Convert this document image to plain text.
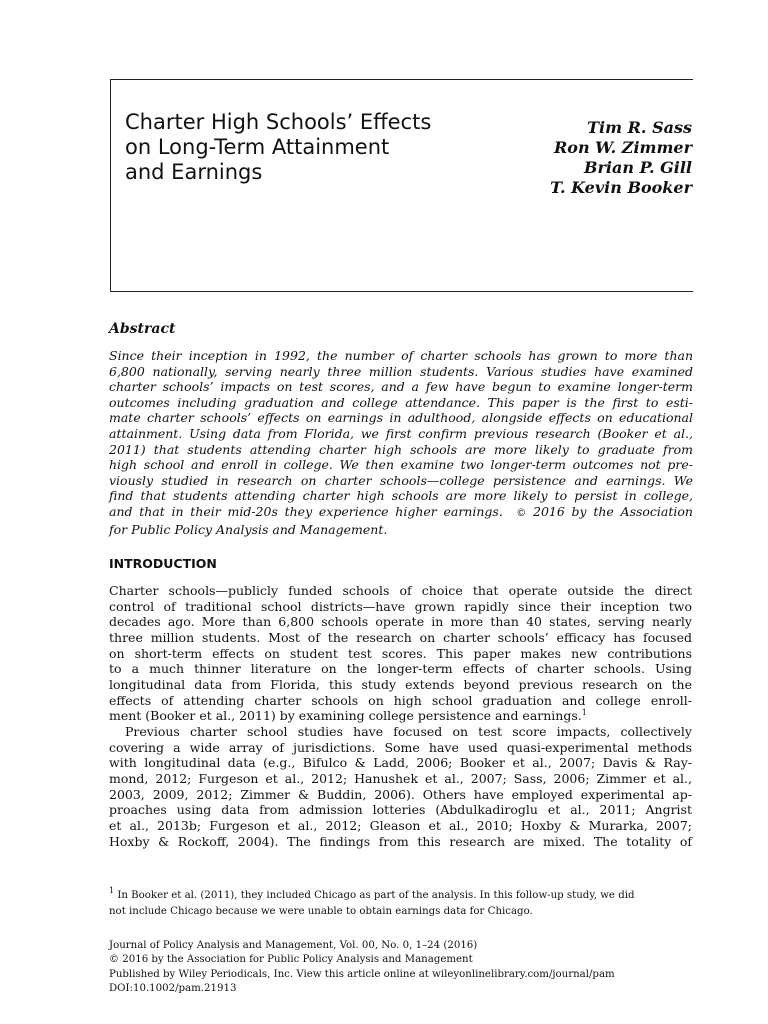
Charter High Schools’ Effects
on Long-Term Attainment
and Earnings
Tim R. Sass
Ron W. Zimmer
Brian P. Gill
T. Kevin Booker
Abstract
Since their inception in 1992, the number of charter schools has grown to more than
6,800 nationally, serving nearly three million students. Various studies have examined
charter schools’ impacts on test scores, and a few have begun to examine longer-term
outcomes including graduation and college attendance. This paper is the first to esti-
mate charter schools’ effects on earnings in adulthood, alongside effects on educational
attainment. Using data from Florida, we first confirm previous research (Booker et al.,
2011) that students attending charter high schools are more likely to graduate from
high school and enroll in college. We then examine two longer-term outcomes not pre-
viously studied in research on charter schools—college persistence and earnings. We
find that students attending charter high schools are more likely to persist in college,
and that in their mid-20s they experience higher earnings. © 2016 by the Association
for Public Policy Analysis and Management.
INTRODUCTION
Charter schools—publicly funded schools of choice that operate outside the direct
control of traditional school districts—have grown rapidly since their inception two
decades ago. More than 6,800 schools operate in more than 40 states, serving nearly
three million students. Most of the research on charter schools’ efficacy has focused
on short-term effects on student test scores. This paper makes new contributions
to a much thinner literature on the longer-term effects of charter schools. Using
longitudinal data from Florida, this study extends beyond previous research on the
effects of attending charter schools on high school graduation and college enroll-
ment (Booker et al., 2011) by examining college persistence and earnings.$^1$
Previous charter school studies have focused on test score impacts, collectively
covering a wide array of jurisdictions. Some have used quasi-experimental methods
with longitudinal data (e.g., Bifulco & Ladd, 2006; Booker et al., 2007; Davis & Ray-
mond, 2012; Furgeson et al., 2012; Hanushek et al., 2007; Sass, 2006; Zimmer et al.,
2003, 2009, 2012; Zimmer & Buddin, 2006). Others have employed experimental ap-
proaches using data from admission lotteries (Abdulkadiroglu et al., 2011; Angrist
et al., 2013b; Furgeson et al., 2012; Gleason et al., 2010; Hoxby & Murarka, 2007;
Hoxby & Rockoff, 2004). The findings from this research are mixed. The totality of
$^1$ In Booker et al. (2011), they included Chicago as part of the analysis. In this follow-up study, we did
not include Chicago because we were unable to obtain earnings data for Chicago.
Journal of Policy Analysis and Management, Vol. 00, No. 0, 1–24 (2016)
© 2016 by the Association for Public Policy Analysis and Management
Published by Wiley Periodicals, Inc. View this article online at wileyonlinelibrary.com/journal/pam
DOI:10.1002/pam.21913
